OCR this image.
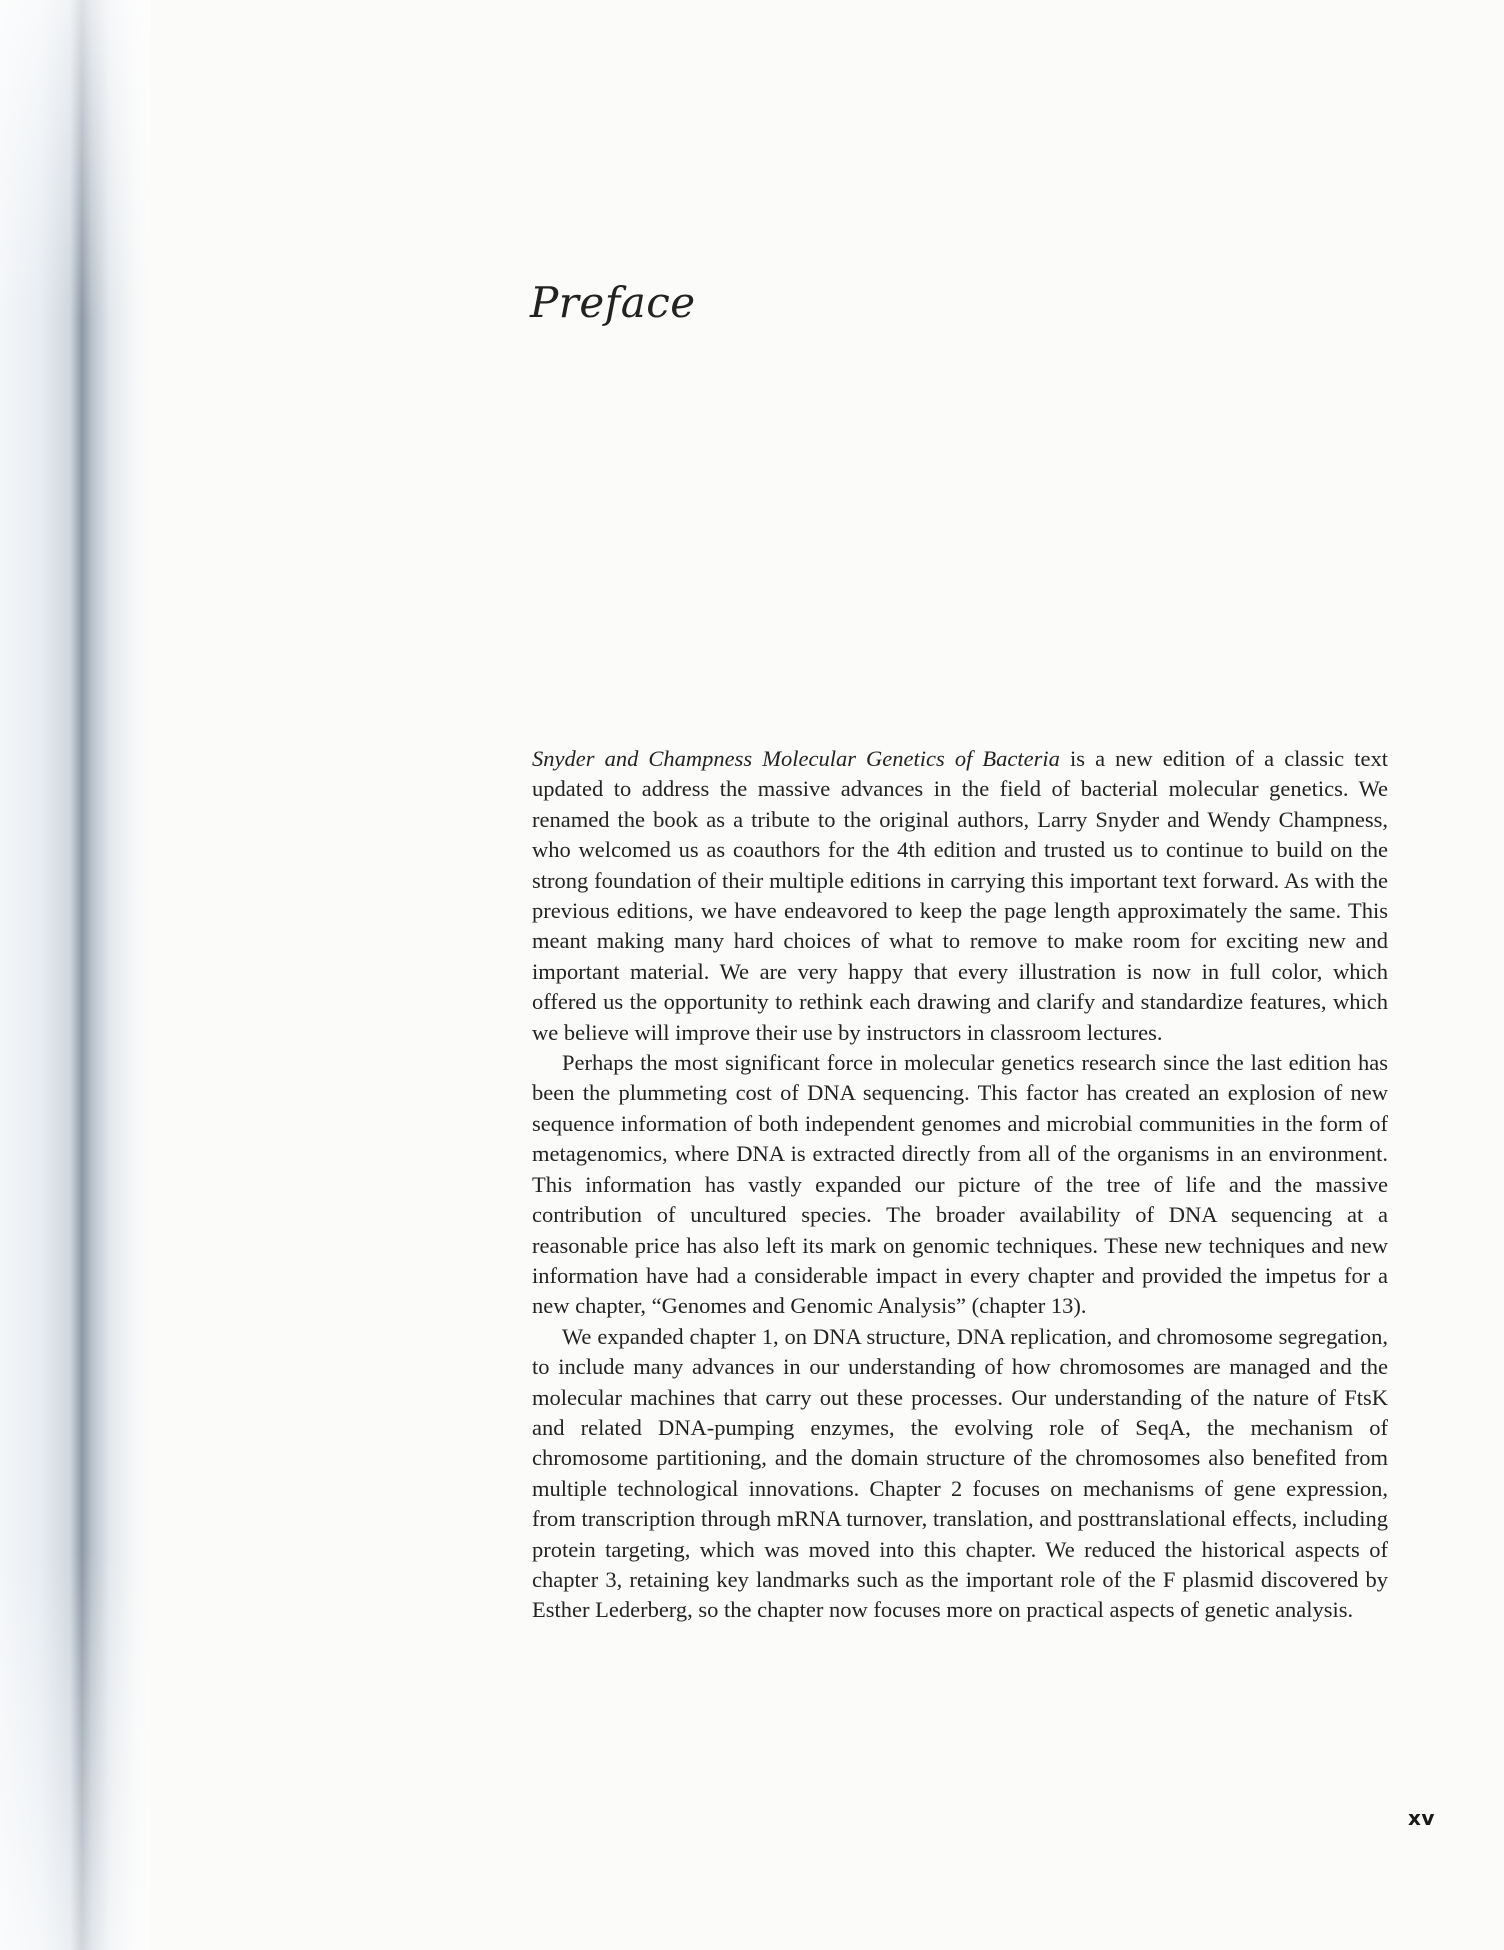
Preface

Snyder and Champness Molecular Genetics of Bacteria is a new edition of a classic text updated to address the massive advances in the field of bacterial molecular genetics. We renamed the book as a tribute to the original authors, Larry Snyder and Wendy Champness, who welcomed us as coauthors for the 4th edition and trusted us to continue to build on the strong foundation of their multiple editions in carrying this important text forward. As with the previous editions, we have endeavored to keep the page length approximately the same. This meant making many hard choices of what to remove to make room for exciting new and important material. We are very happy that every illustration is now in full color, which offered us the opportunity to rethink each drawing and clarify and standardize features, which we believe will improve their use by instructors in classroom lectures.

Perhaps the most significant force in molecular genetics research since the last edition has been the plummeting cost of DNA sequencing. This factor has created an explosion of new sequence information of both independent genomes and microbial communities in the form of metagenomics, where DNA is extracted directly from all of the organisms in an environment. This information has vastly expanded our picture of the tree of life and the massive contribution of uncultured species. The broader availability of DNA sequencing at a reasonable price has also left its mark on genomic techniques. These new techniques and new information have had a considerable impact in every chapter and provided the impetus for a new chapter, “Genomes and Genomic Analysis” (chapter 13).

We expanded chapter 1, on DNA structure, DNA replication, and chromosome segregation, to include many advances in our understanding of how chromosomes are managed and the molecular machines that carry out these processes. Our understanding of the nature of FtsK and related DNA-pumping enzymes, the evolving role of SeqA, the mechanism of chromosome partitioning, and the domain structure of the chromosomes also benefited from multiple technological innovations. Chapter 2 focuses on mechanisms of gene expression, from transcription through mRNA turnover, translation, and posttranslational effects, including protein targeting, which was moved into this chapter. We reduced the historical aspects of chapter 3, retaining key landmarks such as the important role of the F plasmid discovered by Esther Lederberg, so the chapter now focuses more on practical aspects of genetic analysis.

xv
